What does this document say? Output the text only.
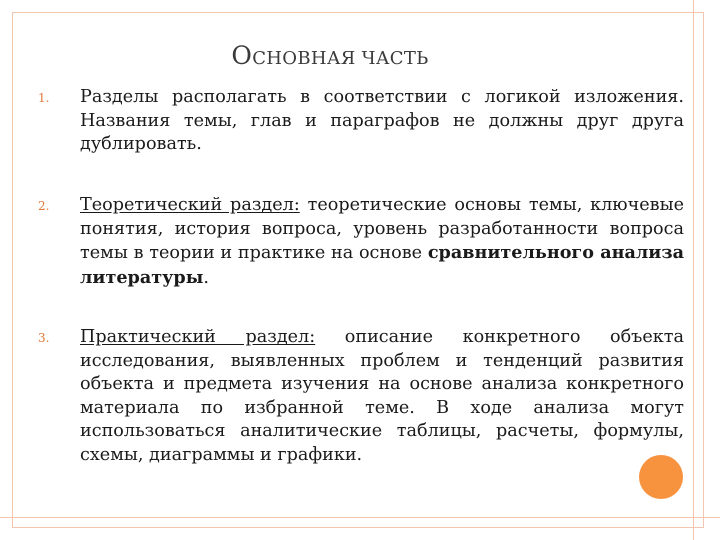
ОСНОВНАЯ ЧАСТЬ
1. Разделы располагать в соответствии с логикой изложения. Названия темы, глав и параграфов не должны друг друга дублировать.
2. Теоретический раздел: теоретические основы темы, ключевые понятия, история вопроса, уровень разработанности вопроса темы в теории и практике на основе сравнительного анализа литературы.
3. Практический раздел: описание конкретного объекта исследования, выявленных проблем и тенденций развития объекта и предмета изучения на основе анализа конкретного материала по избранной теме. В ходе анализа могут использоваться аналитические таблицы, расчеты, формулы, схемы, диаграммы и графики.
